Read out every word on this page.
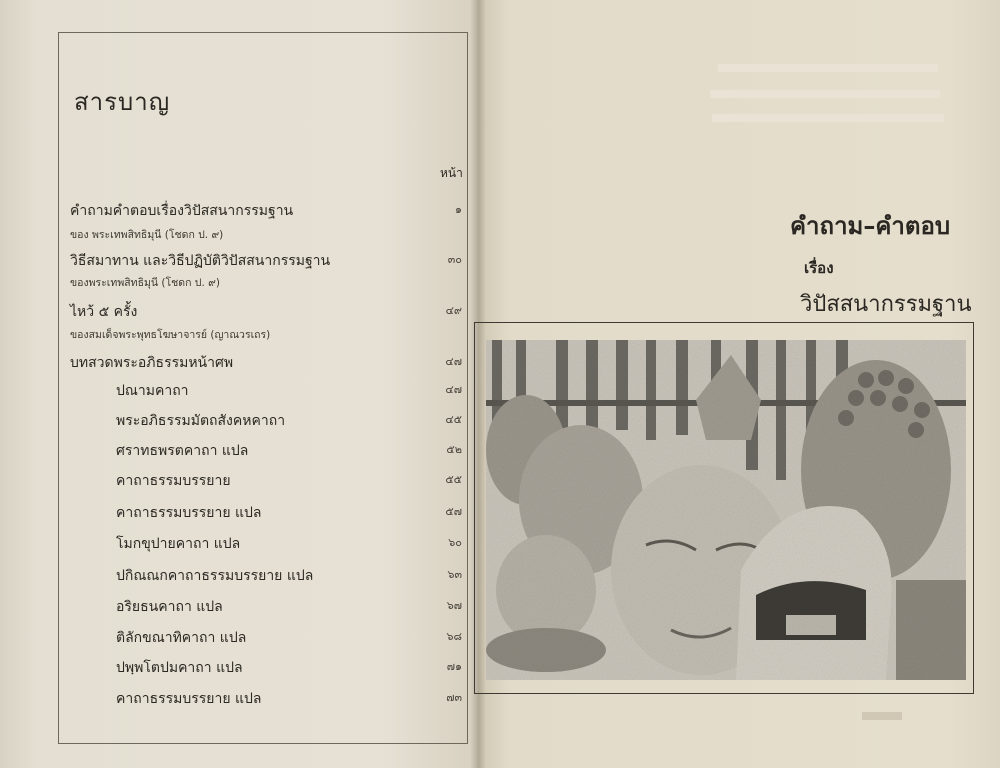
สารบาญ
หน้า
คำถามคำตอบเรื่องวิปัสสนากรรมฐาน	๑
ของ พระเทพสิทธิมุนี (โชดก ป. ๙)
วิธีสมาทาน และวิธีปฏิบัติวิปัสสนากรรมฐาน	๓๐
ของพระเทพสิทธิมุนี (โชดก ป. ๙)
ไหว้ ๕ ครั้ง	๔๙
ของสมเด็จพระพุทธโฆษาจารย์ (ญาณวรเถร)
บทสวดพระอภิธรรมหน้าศพ	๔๗
ปณามคาถา	๔๗
พระอภิธรรมมัตถสังคหคาถา	๔๕
ศราทธพรตคาถา แปล	๕๒
คาถาธรรมบรรยาย	๕๕
คาถาธรรมบรรยาย แปล	๕๗
โมกขุปายคาถา แปล	๖๐
ปกิณณกคาถาธรรมบรรยาย แปล	๖๓
อริยธนคาถา แปล	๖๗
ติลักขณาทิคาถา แปล	๖๘
ปพฺพโตปมคาถา แปล	๗๑
คาถาธรรมบรรยาย แปล	๗๓
คำถาม–คำตอบ
เรื่อง
วิปัสสนากรรมฐาน
